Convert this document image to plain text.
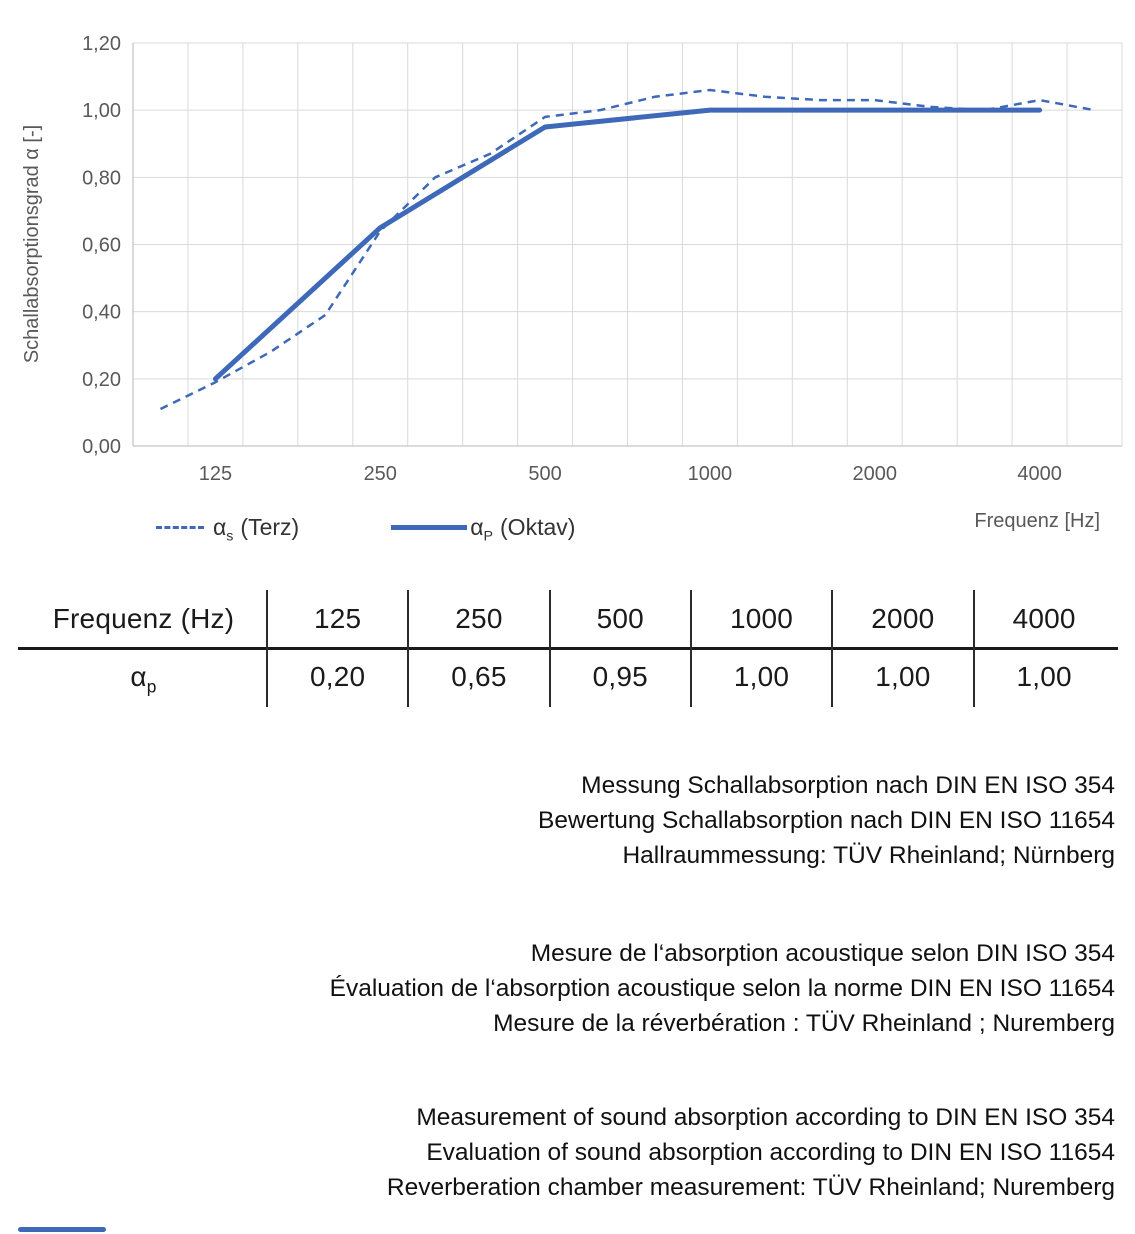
0,00
0,20
0,40
0,60
0,80
1,00
1,20
125	250	500	1000	2000	4000
Schallabsorptionsgrad α [-]
Frequenz [Hz]
$\alpha_s$ (Terz)	$\alpha_P$ (Oktav)
Frequenz (Hz)	125	250	500	1000	2000	4000
$\alpha_p$	0,20	0,65	0,95	1,00	1,00	1,00
Messung Schallabsorption nach DIN EN ISO 354
Bewertung Schallabsorption nach DIN EN ISO 11654
Hallraummessung: TÜV Rheinland; Nürnberg
Mesure de l‘absorption acoustique selon DIN ISO 354
Évaluation de l‘absorption acoustique selon la norme DIN EN ISO 11654
Mesure de la réverbération : TÜV Rheinland ; Nuremberg
Measurement of sound absorption according to DIN EN ISO 354
Evaluation of sound absorption according to DIN EN ISO 11654
Reverberation chamber measurement: TÜV Rheinland; Nuremberg
